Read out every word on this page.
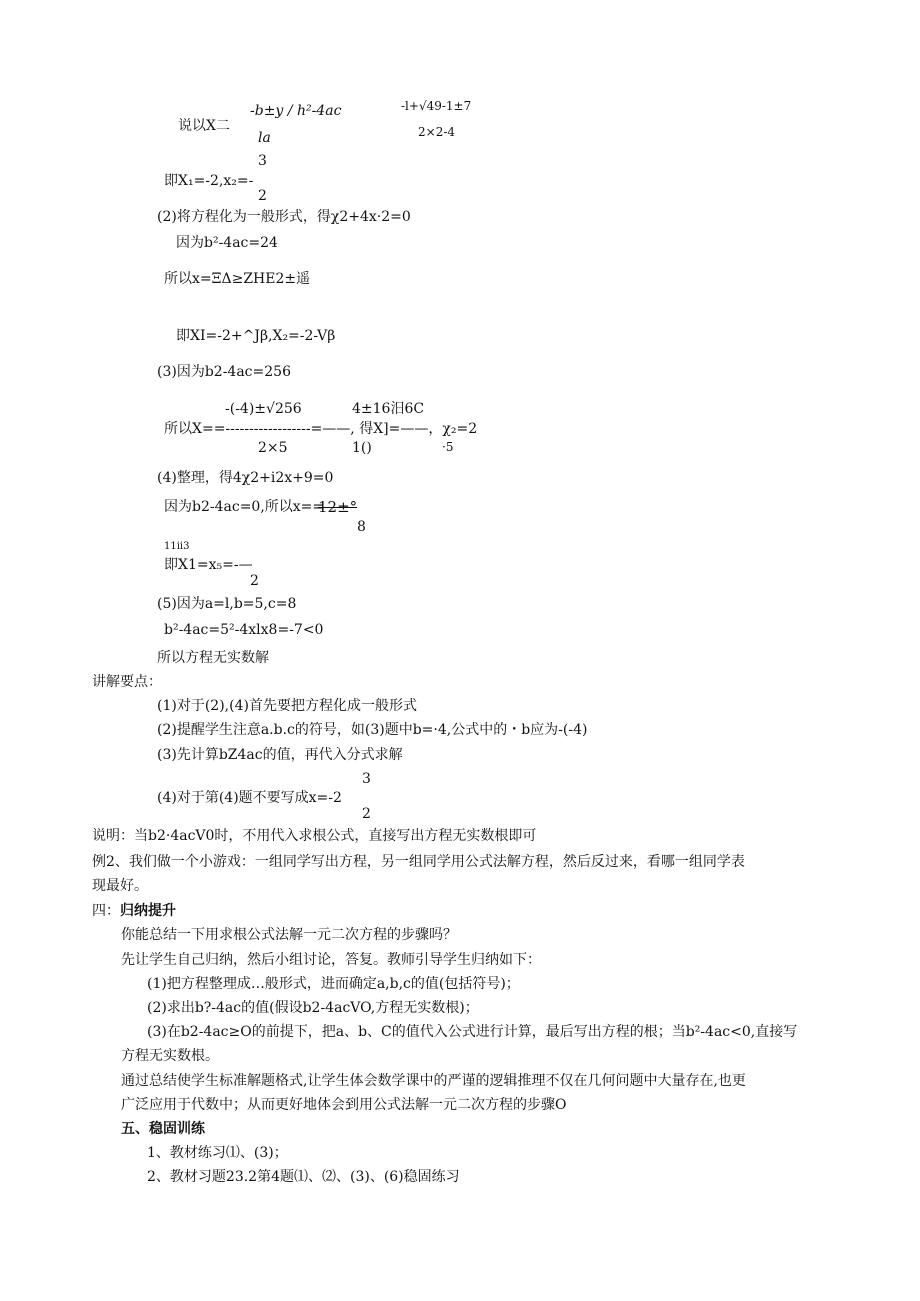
说以X二
-b±y / h²-4ac
la
-l+√49-1±7
2×2-4
3
即X₁=-2,x₂=-
2
(2)将方程化为一般形式，得χ2+4x·2=0
因为b²-4ac=24
所以x=ΞΔ≥ZHE2±遥
即XI=-2+^Jβ,X₂=-2-Vβ
(3)因为b2-4ac=256
-(-4)±√256	4±16汨6C
所以X==------------------=——, 得X]=——，χ₂=2
2×5	1()	·5
(4)整理，得4χ2+i2x+9=0
因为b2-4ac=0,所以x==
12±°
8
11ii3
即X1=x₅=-—
2
(5)因为a=l,b=5,c=8
b²-4ac=5²-4xlx8=-7<0
所以方程无实数解
讲解要点：
(1)对于(2),(4)首先要把方程化成一般形式
(2)提醒学生注意a.b.c的符号，如(3)题中b=·4,公式中的・b应为-(-4)
(3)先计算bZ4ac的值，再代入分式求解
3
(4)对于第(4)题不要写成x=-2
2
说明：当b2·4acV0时，不用代入求根公式，直接写出方程无实数根即可
例2、我们做一个小游戏：一组同学写出方程，另一组同学用公式法解方程，然后反过来，看哪一组同学表
现最好。
四：归纳提升
你能总结一下用求根公式法解一元二次方程的步骤吗？
先让学生自己归纳，然后小组讨论，答复。教师引导学生归纳如下：
(1)把方程整理成…般形式，进而确定a,b,c的值(包括符号)；
(2)求出b?-4ac的值(假设b2-4acVO,方程无实数根)；
(3)在b2-4ac≥O的前提下，把a、b、C的值代入公式进行计算，最后写出方程的根；当b²-4ac<0,直接写
方程无实数根。
通过总结使学生标准解题格式,让学生体会数学课中的严谨的逻辑推理不仅在几何问题中大量存在,也更
广泛应用于代数中；从而更好地体会到用公式法解一元二次方程的步骤O
五、稳固训练
1、教材练习⑴、(3)；
2、教材习题23.2第4题⑴、⑵、(3)、(6)稳固练习
